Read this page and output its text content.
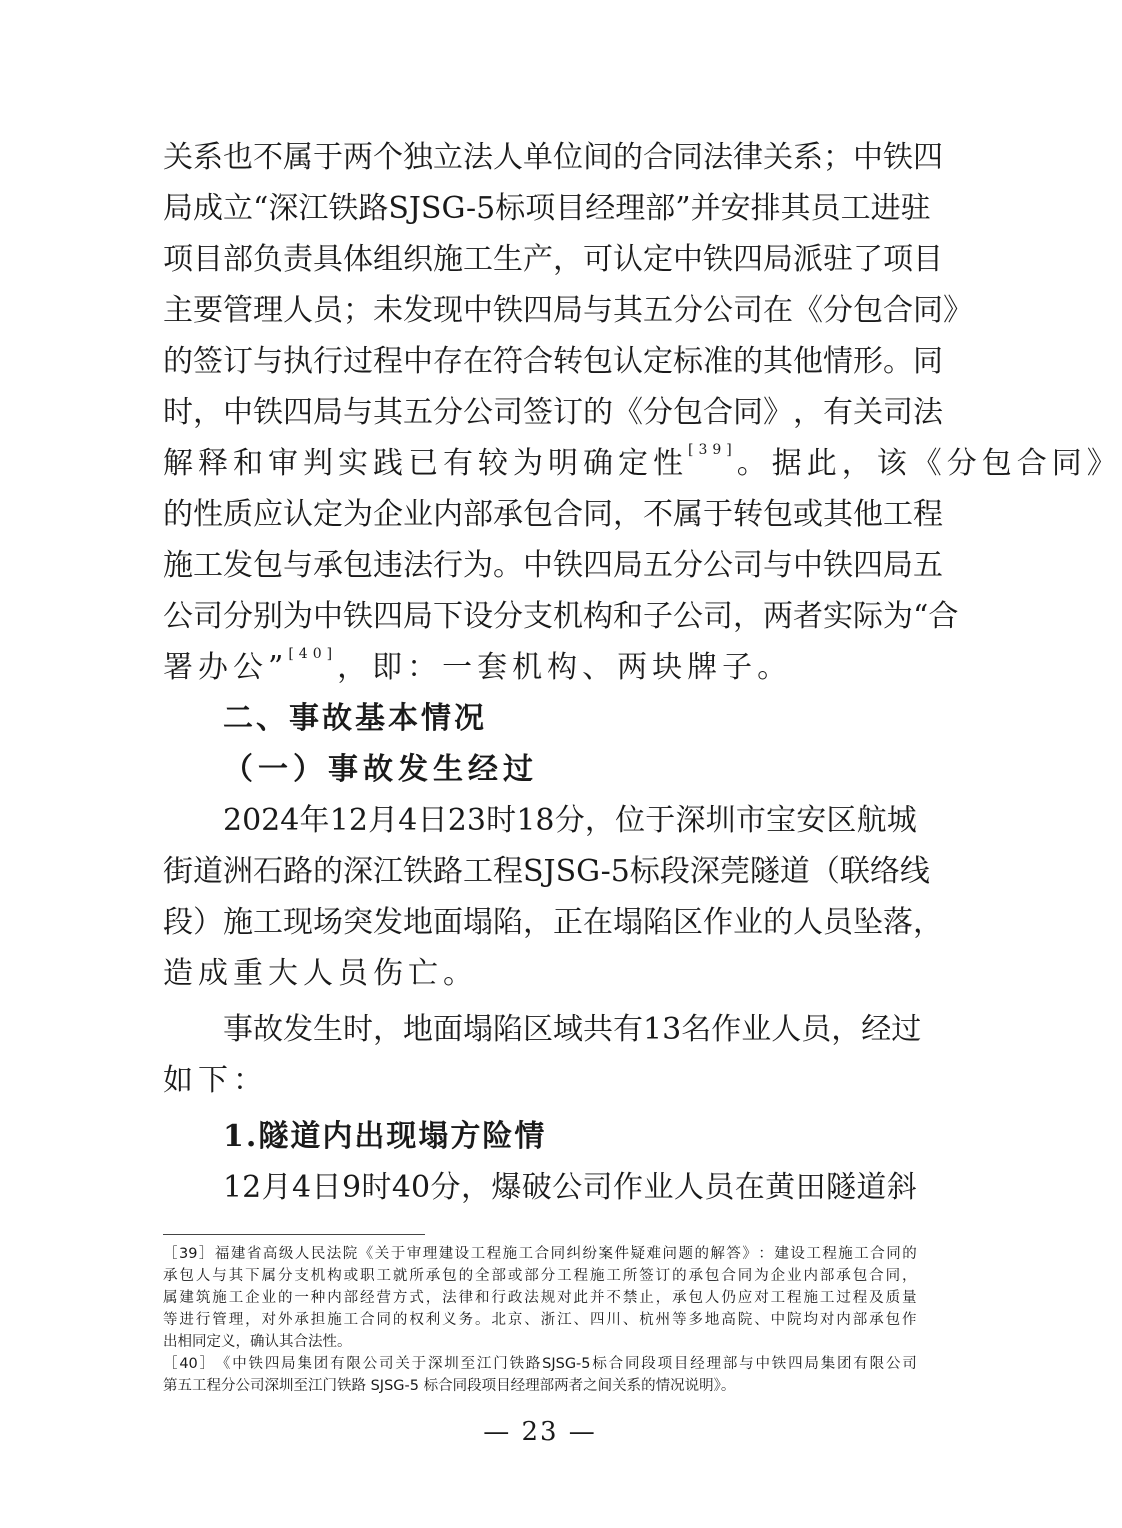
关 系 也 不 属 于 两 个 独 立 法 人 单 位 间 的 合 同 法 律 关 系 ； 中 铁 四
局 成 立 “ 深 江 铁 路 SJSG-5 标 项 目 经 理 部 ” 并 安 排 其 员 工 进 驻
项 目 部 负 责 具 体 组 织 施 工 生 产 ， 可 认 定 中 铁 四 局 派 驻 了 项 目
主 要 管 理 人 员 ； 未 发 现 中 铁 四 局 与 其 五 分 公 司 在 《 分 包 合 同 》
的 签 订 与 执 行 过 程 中 存 在 符 合 转 包 认 定 标 准 的 其 他 情 形 。 同
时 ， 中 铁 四 局 与 其 五 分 公 司 签 订 的 《 分 包 合 同 》 ， 有 关 司 法
解释和审判实践已有较为明确定性 [39] 。据此，该《分包合同》
的 性 质 应 认 定 为 企 业 内 部 承 包 合 同 ， 不 属 于 转 包 或 其 他 工 程
施 工 发 包 与 承 包 违 法 行 为 。 中 铁 四 局 五 分 公 司 与 中 铁 四 局 五
公 司 分 别 为 中 铁 四 局 下 设 分 支 机 构 和 子 公 司 ， 两 者 实 际 为 “ 合
署办公” [40] ，即：一套机构、两块牌子。
二、事故基本情况
（一）事故发生经过
2024 年 12 月 4 日 23 时 18 分 ， 位 于 深 圳 市 宝 安 区 航 城
街 道 洲 石 路 的 深 江 铁 路 工 程 SJSG-5 标 段 深 莞 隧 道 （ 联 络 线
段 ） 施 工 现 场 突 发 地 面 塌 陷 ， 正 在 塌 陷 区 作 业 的 人 员 坠 落 ，
造成重大人员伤亡。
事 故 发 生 时 ， 地 面 塌 陷 区 域 共 有 13 名 作 业 人 员 ， 经 过
如下：
1.隧道内出现塌方险情
12 月 4 日 9 时 40 分 ， 爆 破 公 司 作 业 人 员 在 黄 田 隧 道 斜
［ 39 ］ 福 建 省 高 级 人 民 法 院 《 关 于 审 理 建 设 工 程 施 工 合 同 纠 纷 案 件 疑 难 问 题 的 解 答 》 ： 建 设 工 程 施 工 合 同 的
承 包 人 与 其 下 属 分 支 机 构 或 职 工 就 所 承 包 的 全 部 或 部 分 工 程 施 工 所 签 订 的 承 包 合 同 为 企 业 内 部 承 包 合 同 ，
属 建 筑 施 工 企 业 的 一 种 内 部 经 营 方 式 ， 法 律 和 行 政 法 规 对 此 并 不 禁 止 ， 承 包 人 仍 应 对 工 程 施 工 过 程 及 质 量
等 进 行 管 理 ， 对 外 承 担 施 工 合 同 的 权 利 义 务 。 北 京 、 浙 江 、 四 川 、 杭 州 等 多 地 高 院 、 中 院 均 对 内 部 承 包 作
出相同定义，确认其合法性。
［ 40 ］ 《 中 铁 四 局 集 团 有 限 公 司 关 于 深 圳 至 江 门 铁 路 SJSG-5 标 合 同 段 项 目 经 理 部 与 中 铁 四 局 集 团 有 限 公 司
第五工程分公司深圳至江门铁路 SJSG-5 标合同段项目经理部两者之间关系的情况说明》。
— 23 —
